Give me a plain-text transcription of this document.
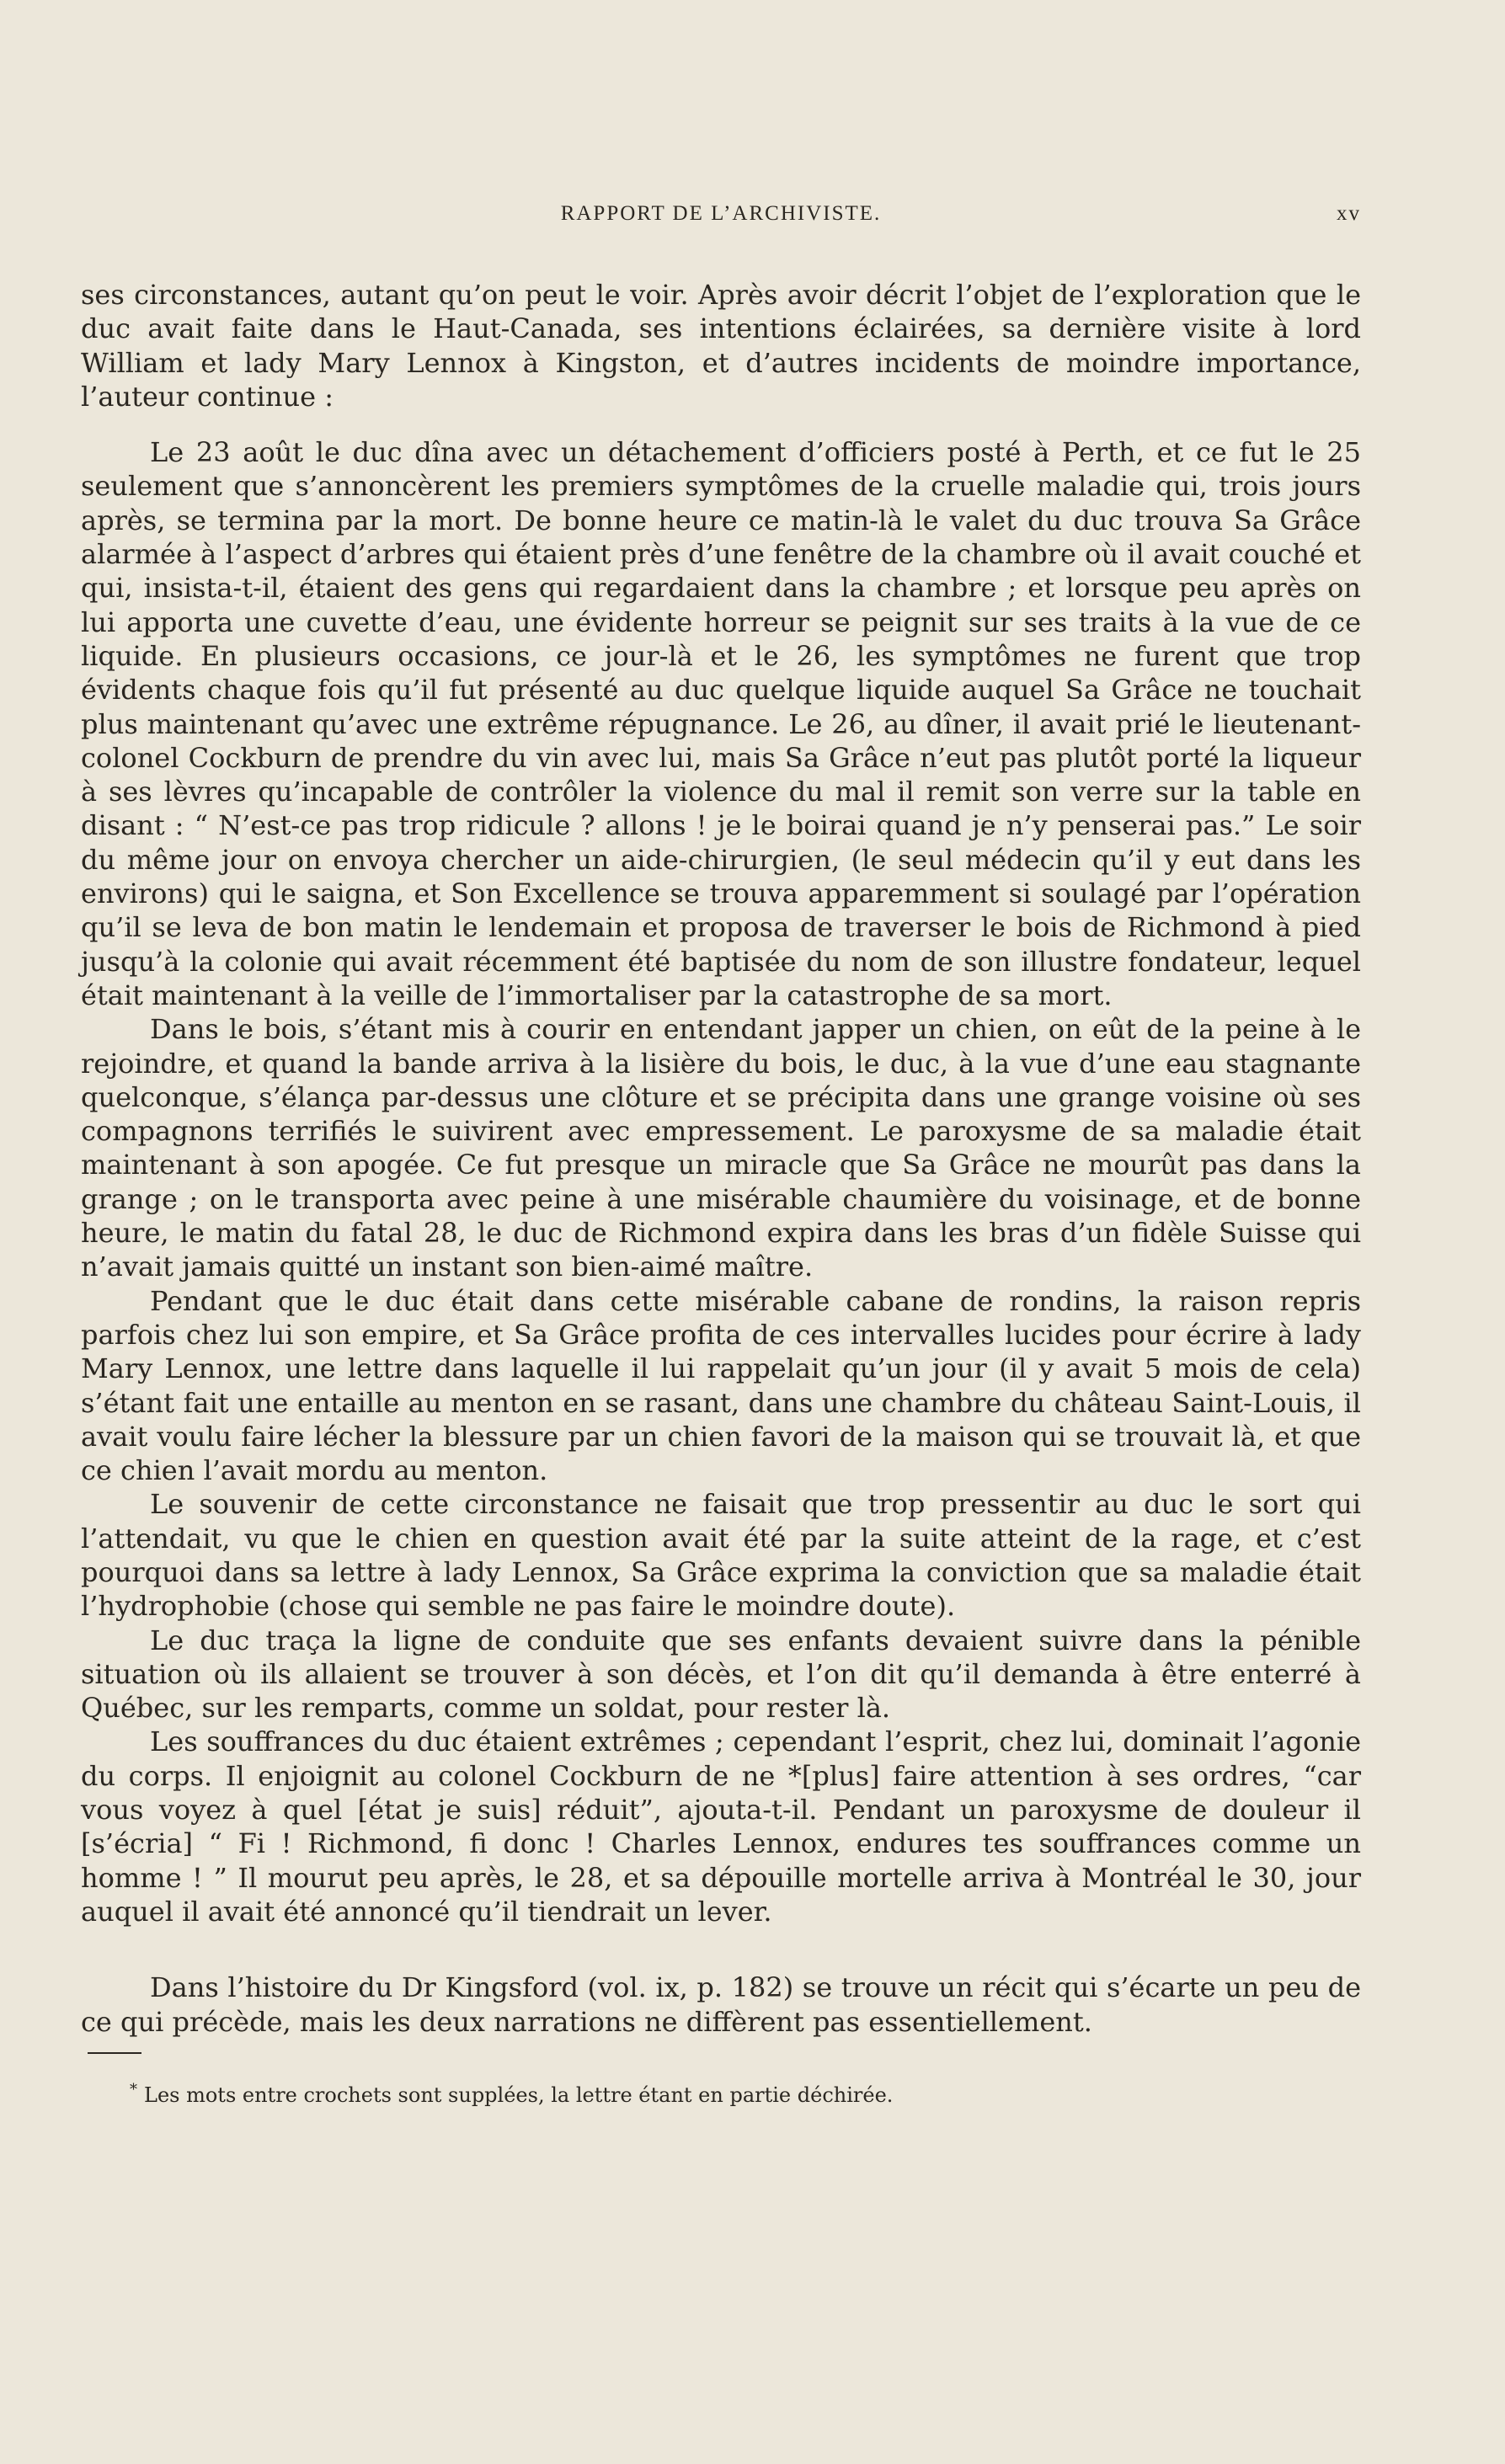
RAPPORT DE L’ARCHIVISTE.	xv

ses circonstances, autant qu’on peut le voir. Après avoir décrit l’objet de l’exploration que le duc avait faite dans le Haut-Canada, ses intentions éclairées, sa dernière visite à lord William et lady Mary Lennox à Kingston, et d’autres incidents de moindre importance, l’auteur continue :

Le 23 août le duc dîna avec un détachement d’officiers posté à Perth, et ce fut le 25 seulement que s’annoncèrent les premiers symptômes de la cruelle maladie qui, trois jours après, se termina par la mort. De bonne heure ce matin-là le valet du duc trouva Sa Grâce alarmée à l’aspect d’arbres qui étaient près d’une fenêtre de la chambre où il avait couché et qui, insista-t-il, étaient des gens qui regardaient dans la chambre ; et lorsque peu après on lui apporta une cuvette d’eau, une évidente horreur se peignit sur ses traits à la vue de ce liquide. En plusieurs occasions, ce jour-là et le 26, les symptômes ne furent que trop évidents chaque fois qu’il fut présenté au duc quelque liquide auquel Sa Grâce ne touchait plus maintenant qu’avec une extrême répugnance. Le 26, au dîner, il avait prié le lieutenant-colonel Cockburn de prendre du vin avec lui, mais Sa Grâce n’eut pas plutôt porté la liqueur à ses lèvres qu’incapable de contrôler la violence du mal il remit son verre sur la table en disant : “ N’est-ce pas trop ridicule ? allons ! je le boirai quand je n’y penserai pas.” Le soir du même jour on envoya chercher un aide-chirurgien, (le seul médecin qu’il y eut dans les environs) qui le saigna, et Son Excellence se trouva apparemment si soulagé par l’opération qu’il se leva de bon matin le lendemain et proposa de traverser le bois de Richmond à pied jusqu’à la colonie qui avait récemment été baptisée du nom de son illustre fondateur, lequel était maintenant à la veille de l’immortaliser par la catastrophe de sa mort.

Dans le bois, s’étant mis à courir en entendant japper un chien, on eût de la peine à le rejoindre, et quand la bande arriva à la lisière du bois, le duc, à la vue d’une eau stagnante quelconque, s’élança par-dessus une clôture et se précipita dans une grange voisine où ses compagnons terrifiés le suivirent avec empressement. Le paroxysme de sa maladie était maintenant à son apogée. Ce fut presque un miracle que Sa Grâce ne mourût pas dans la grange ; on le transporta avec peine à une misérable chaumière du voisinage, et de bonne heure, le matin du fatal 28, le duc de Richmond expira dans les bras d’un fidèle Suisse qui n’avait jamais quitté un instant son bien-aimé maître.

Pendant que le duc était dans cette misérable cabane de rondins, la raison repris parfois chez lui son empire, et Sa Grâce profita de ces intervalles lucides pour écrire à lady Mary Lennox, une lettre dans laquelle il lui rappelait qu’un jour (il y avait 5 mois de cela) s’étant fait une entaille au menton en se rasant, dans une chambre du château Saint-Louis, il avait voulu faire lécher la blessure par un chien favori de la maison qui se trouvait là, et que ce chien l’avait mordu au menton.

Le souvenir de cette circonstance ne faisait que trop pressentir au duc le sort qui l’attendait, vu que le chien en question avait été par la suite atteint de la rage, et c’est pourquoi dans sa lettre à lady Lennox, Sa Grâce exprima la conviction que sa maladie était l’hydrophobie (chose qui semble ne pas faire le moindre doute).

Le duc traça la ligne de conduite que ses enfants devaient suivre dans la pénible situation où ils allaient se trouver à son décès, et l’on dit qu’il demanda à être enterré à Québec, sur les remparts, comme un soldat, pour rester là.

Les souffrances du duc étaient extrêmes ; cependant l’esprit, chez lui, dominait l’agonie du corps. Il enjoignit au colonel Cockburn de ne *[plus] faire attention à ses ordres, “car vous voyez à quel [état je suis] réduit”, ajouta-t-il. Pendant un paroxysme de douleur il [s’écria] “ Fi ! Richmond, fi donc ! Charles Lennox, endures tes souffrances comme un homme ! ” Il mourut peu après, le 28, et sa dépouille mortelle arriva à Montréal le 30, jour auquel il avait été annoncé qu’il tiendrait un lever.

Dans l’histoire du Dr Kingsford (vol. ix, p. 182) se trouve un récit qui s’écarte un peu de ce qui précède, mais les deux narrations ne diffèrent pas essentiellement.

* Les mots entre crochets sont supplées, la lettre étant en partie déchirée.
